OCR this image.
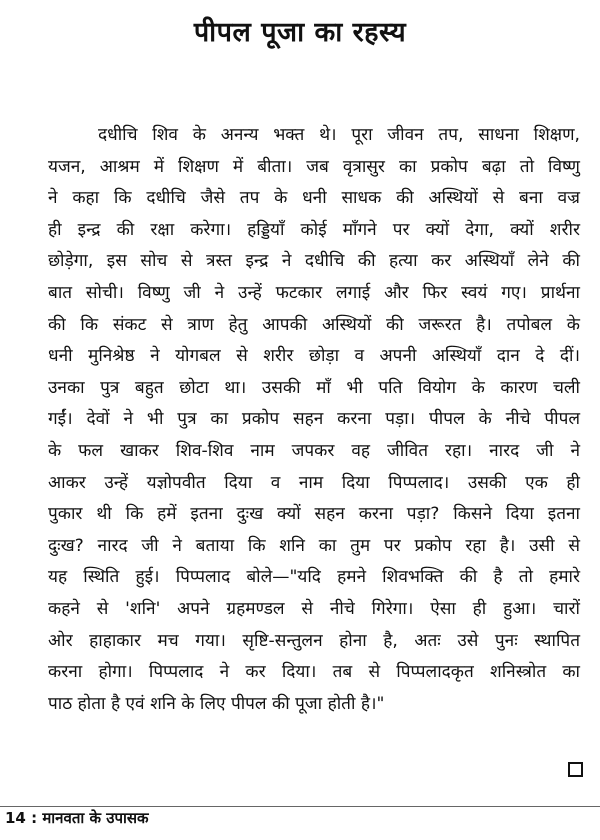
पीपल पूजा का रहस्य
दधीचि शिव के अनन्य भक्त थे। पूरा जीवन तप, साधना शिक्षण,
यजन, आश्रम में शिक्षण में बीता। जब वृत्रासुर का प्रकोप बढ़ा तो विष्णु
ने कहा कि दधीचि जैसे तप के धनी साधक की अस्थियों से बना वज्र
ही इन्द्र की रक्षा करेगा। हड्डियाँ कोई माँगने पर क्यों देगा, क्यों शरीर
छोड़ेगा, इस सोच से त्रस्त इन्द्र ने दधीचि की हत्या कर अस्थियाँ लेने की
बात सोची। विष्णु जी ने उन्हें फटकार लगाई और फिर स्वयं गए। प्रार्थना
की कि संकट से त्राण हेतु आपकी अस्थियों की जरूरत है। तपोबल के
धनी मुनिश्रेष्ठ ने योगबल से शरीर छोड़ा व अपनी अस्थियाँ दान दे दीं।
उनका पुत्र बहुत छोटा था। उसकी माँ भी पति वियोग के कारण चली
गईं। देवों ने भी पुत्र का प्रकोप सहन करना पड़ा। पीपल के नीचे पीपल
के फल खाकर शिव-शिव नाम जपकर वह जीवित रहा। नारद जी ने
आकर उन्हें यज्ञोपवीत दिया व नाम दिया पिप्पलाद। उसकी एक ही
पुकार थी कि हमें इतना दुःख क्यों सहन करना पड़ा? किसने दिया इतना
दुःख? नारद जी ने बताया कि शनि का तुम पर प्रकोप रहा है। उसी से
यह स्थिति हुई। पिप्पलाद बोले—"यदि हमने शिवभक्ति की है तो हमारे
कहने से 'शनि' अपने ग्रहमण्डल से नीचे गिरेगा। ऐसा ही हुआ। चारों
ओर हाहाकार मच गया। सृष्टि-सन्तुलन होना है, अतः उसे पुनः स्थापित
करना होगा। पिप्पलाद ने कर दिया। तब से पिप्पलादकृत शनिस्त्रोत का
पाठ होता है एवं शनि के लिए पीपल की पूजा होती है।"
14 : मानवता के उपासक
